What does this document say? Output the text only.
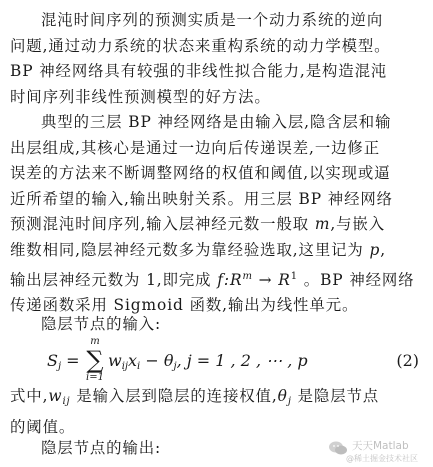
混沌时间序列的预测实质是一个动力系统的逆向
问题,通过动力系统的状态来重构系统的动力学模型。
BP 神经网络具有较强的非线性拟合能力,是构造混沌
时间序列非线性预测模型的好方法。
典型的三层 BP 神经网络是由输入层,隐含层和输
出层组成,其核心是通过一边向后传递误差,一边修正
误差的方法来不断调整网络的权值和阈值,以实现或逼
近所希望的输入,输出映射关系。用三层 BP 神经网络
预测混沌时间序列,输入层神经元数一般取 m,与嵌入
维数相同,隐层神经元数多为靠经验选取,这里记为 p,
输出层神经元数为 1,即完成 $f:R^m \to R^1$ 。BP 神经网络
传递函数采用 Sigmoid 函数,输出为线性单元。
隐层节点的输入:
$S_j$ =
m
∑
i=1
$w_{ij}x_i - \theta_j$, j = 1 , 2 , ⋯ , p	(2)
式中$,w_{ij}$ 是输入层到隐层的连接权值$,\theta_j$ 是隐层节点
的阈值。
隐层节点的输出:	天天Matlab
@稀土掘金技术社区
